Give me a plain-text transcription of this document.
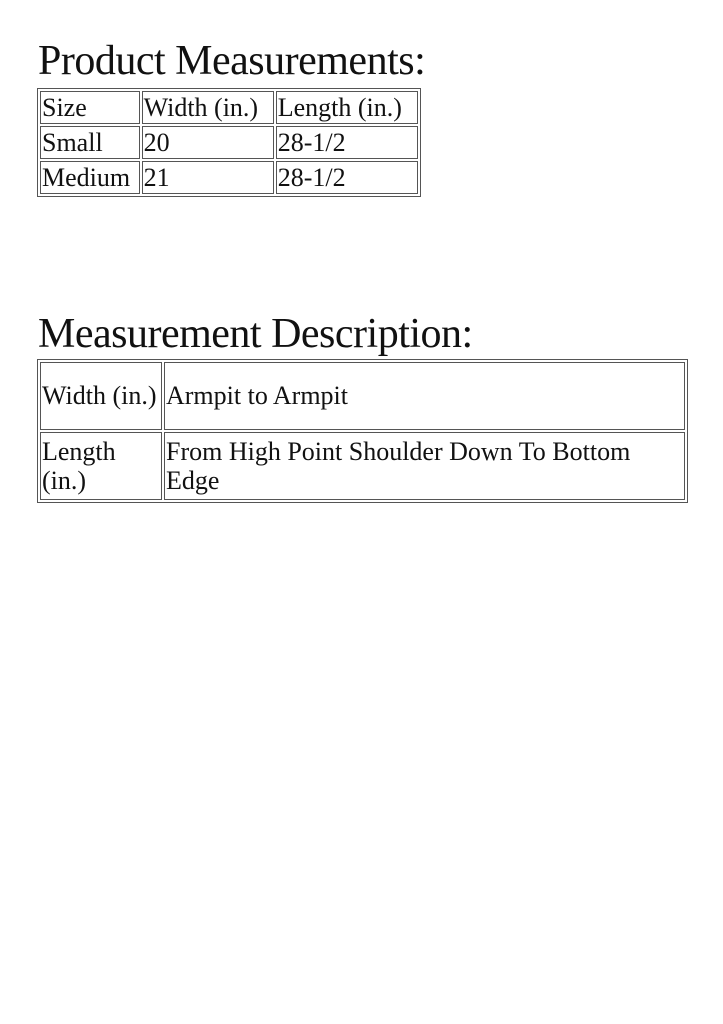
Product Measurements:
Size	Width (in.)	Length (in.)
Small	20	28-1/2
Medium	21	28-1/2
Measurement Description:
Width (in.)	Armpit to Armpit
Length (in.)	From High Point Shoulder Down To Bottom Edge
